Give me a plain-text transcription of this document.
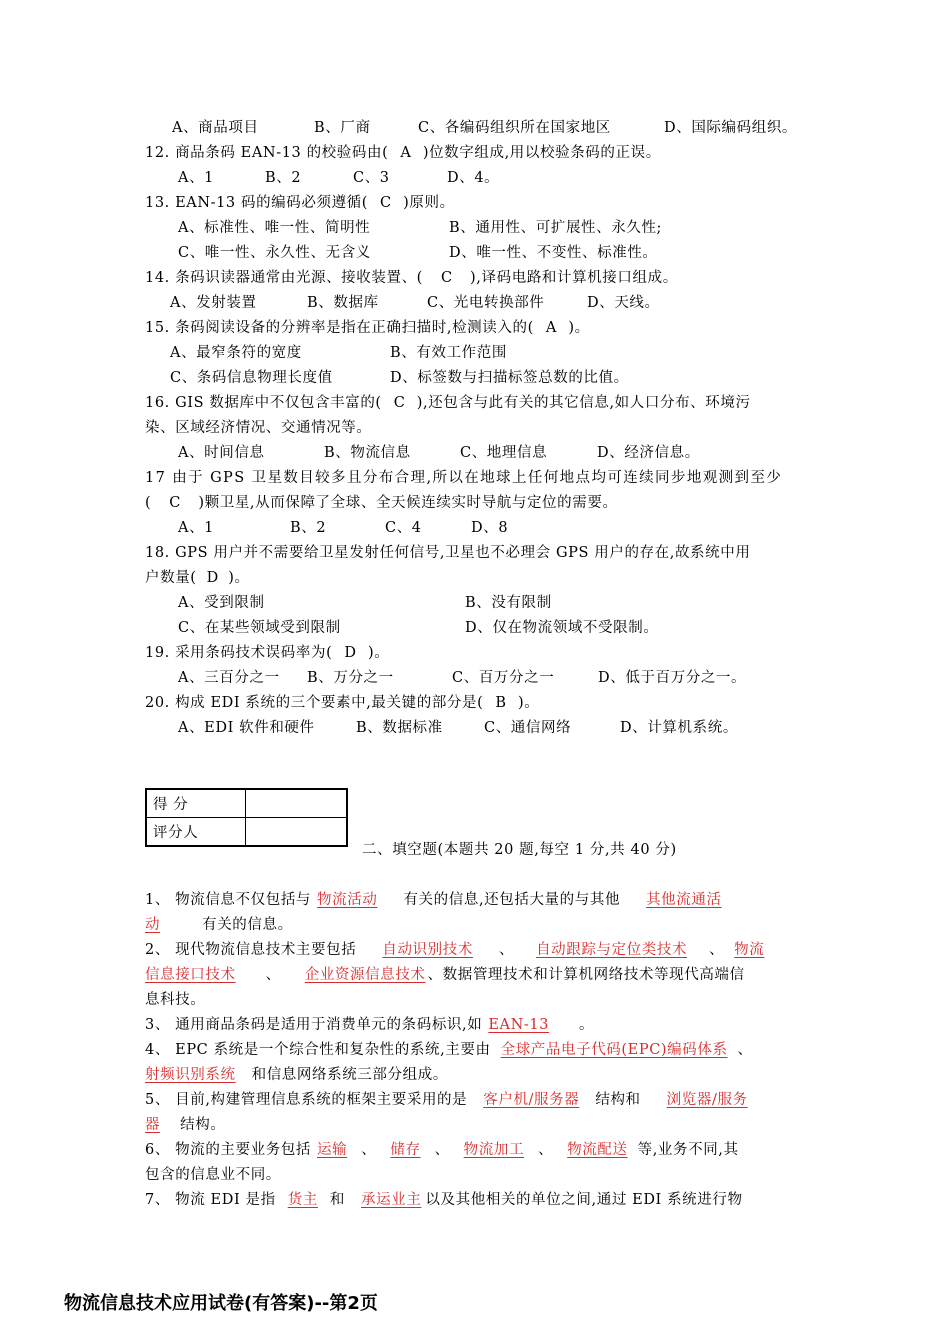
A、商品项目	B、厂商	C、各编码组织所在国家地区	D、国际编码组织。
12. 商品条码 EAN-13 的校验码由( A )位数字组成,用以校验条码的正误。
A、1	B、2	C、3	D、4。
13. EAN-13 码的编码必须遵循( C )原则。
A、标准性、唯一性、简明性	B、通用性、可扩展性、永久性;
C、唯一性、永久性、无含义	D、唯一性、不变性、标准性。
14. 条码识读器通常由光源、接收装置、( C ),译码电路和计算机接口组成。
A、发射装置	B、数据库	C、光电转换部件	D、天线。
15. 条码阅读设备的分辨率是指在正确扫描时,检测读入的( A )。
A、最窄条符的宽度	B、有效工作范围
C、条码信息物理长度值	D、标签数与扫描标签总数的比值。
16. GIS 数据库中不仅包含丰富的( C ),还包含与此有关的其它信息,如人口分布、环境污
染、区域经济情况、交通情况等。
A、时间信息	B、物流信息	C、地理信息	D、经济信息。
17 由于 GPS 卫星数目较多且分布合理,所以在地球上任何地点均可连续同步地观测到至少
( C )颗卫星,从而保障了全球、全天候连续实时导航与定位的需要。
A、1	B、2	C、4	D、8
18. GPS 用户并不需要给卫星发射任何信号,卫星也不必理会 GPS 用户的存在,故系统中用
户数量( D )。
A、受到限制	B、没有限制
C、在某些领域受到限制	D、仅在物流领域不受限制。
19. 采用条码技术误码率为( D )。
A、三百分之一 B、万分之一	C、百万分之一	D、低于百万分之一。
20. 构成 EDI 系统的三个要素中,最关键的部分是( B )。
A、EDI 软件和硬件	B、数据标准	C、通信网络	D、计算机系统。
得 分	
评分人	
二、填空题(本题共 20 题,每空 1 分,共 40 分)
1、 物流信息不仅包括与 物流活动 有关的信息,还包括大量的与其他 其他流通活
动	有关的信息。
2、 现代物流信息技术主要包括 自动识别技术 、 自动跟踪与定位类技术 、 物流
信息接口技术 、 企业资源信息技术 、数据管理技术和计算机网络技术等现代高端信
息科技。
3、 通用商品条码是适用于消费单元的条码标识,如 EAN-13 。
4、 EPC 系统是一个综合性和复杂性的系统,主要由 全球产品电子代码(EPC)编码体系 、
射频识别系统 和信息网络系统三部分组成。
5、 目前,构建管理信息系统的框架主要采用的是 客户机/服务器 结构和 浏览器/服务
器 结构。
6、 物流的主要业务包括 运输 、 储存 、 物流加工 、 物流配送 等,业务不同,其
包含的信息业不同。
7、 物流 EDI 是指 货主 和 承运业主 以及其他相关的单位之间,通过 EDI 系统进行物
物流信息技术应用试卷(有答案)--第2页
